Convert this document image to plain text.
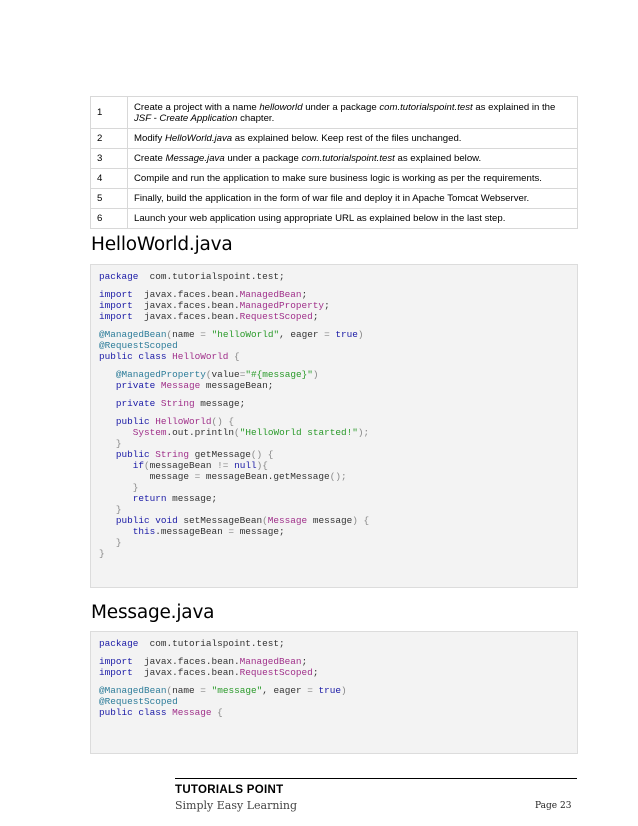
1	Create a project with a name helloworld under a package com.tutorialspoint.test as explained in the JSF - Create Application chapter.
2	Modify HelloWorld.java as explained below. Keep rest of the files unchanged.
3	Create Message.java under a package com.tutorialspoint.test as explained below.
4	Compile and run the application to make sure business logic is working as per the requirements.
5	Finally, build the application in the form of war file and deploy it in Apache Tomcat Webserver.
6	Launch your web application using appropriate URL as explained below in the last step.
HelloWorld.java
package  com.tutorialspoint.test;
import  javax.faces.bean.ManagedBean;
import  javax.faces.bean.ManagedProperty;
import  javax.faces.bean.RequestScoped;
@ManagedBean(name = "helloWorld", eager = true)
@RequestScoped
public class HelloWorld {
@ManagedProperty(value="#{message}")
private Message messageBean;
private String message;
public HelloWorld() {
System.out.println("HelloWorld started!");
}
public String getMessage() {
if(messageBean != null){
message = messageBean.getMessage();
}
return message;
}
public void setMessageBean(Message message) {
this.messageBean = message;
}
}
Message.java
package  com.tutorialspoint.test;
import  javax.faces.bean.ManagedBean;
import  javax.faces.bean.RequestScoped;
@ManagedBean(name = "message", eager = true)
@RequestScoped
public class Message {
TUTORIALS POINT
Simply Easy Learning	Page 23
